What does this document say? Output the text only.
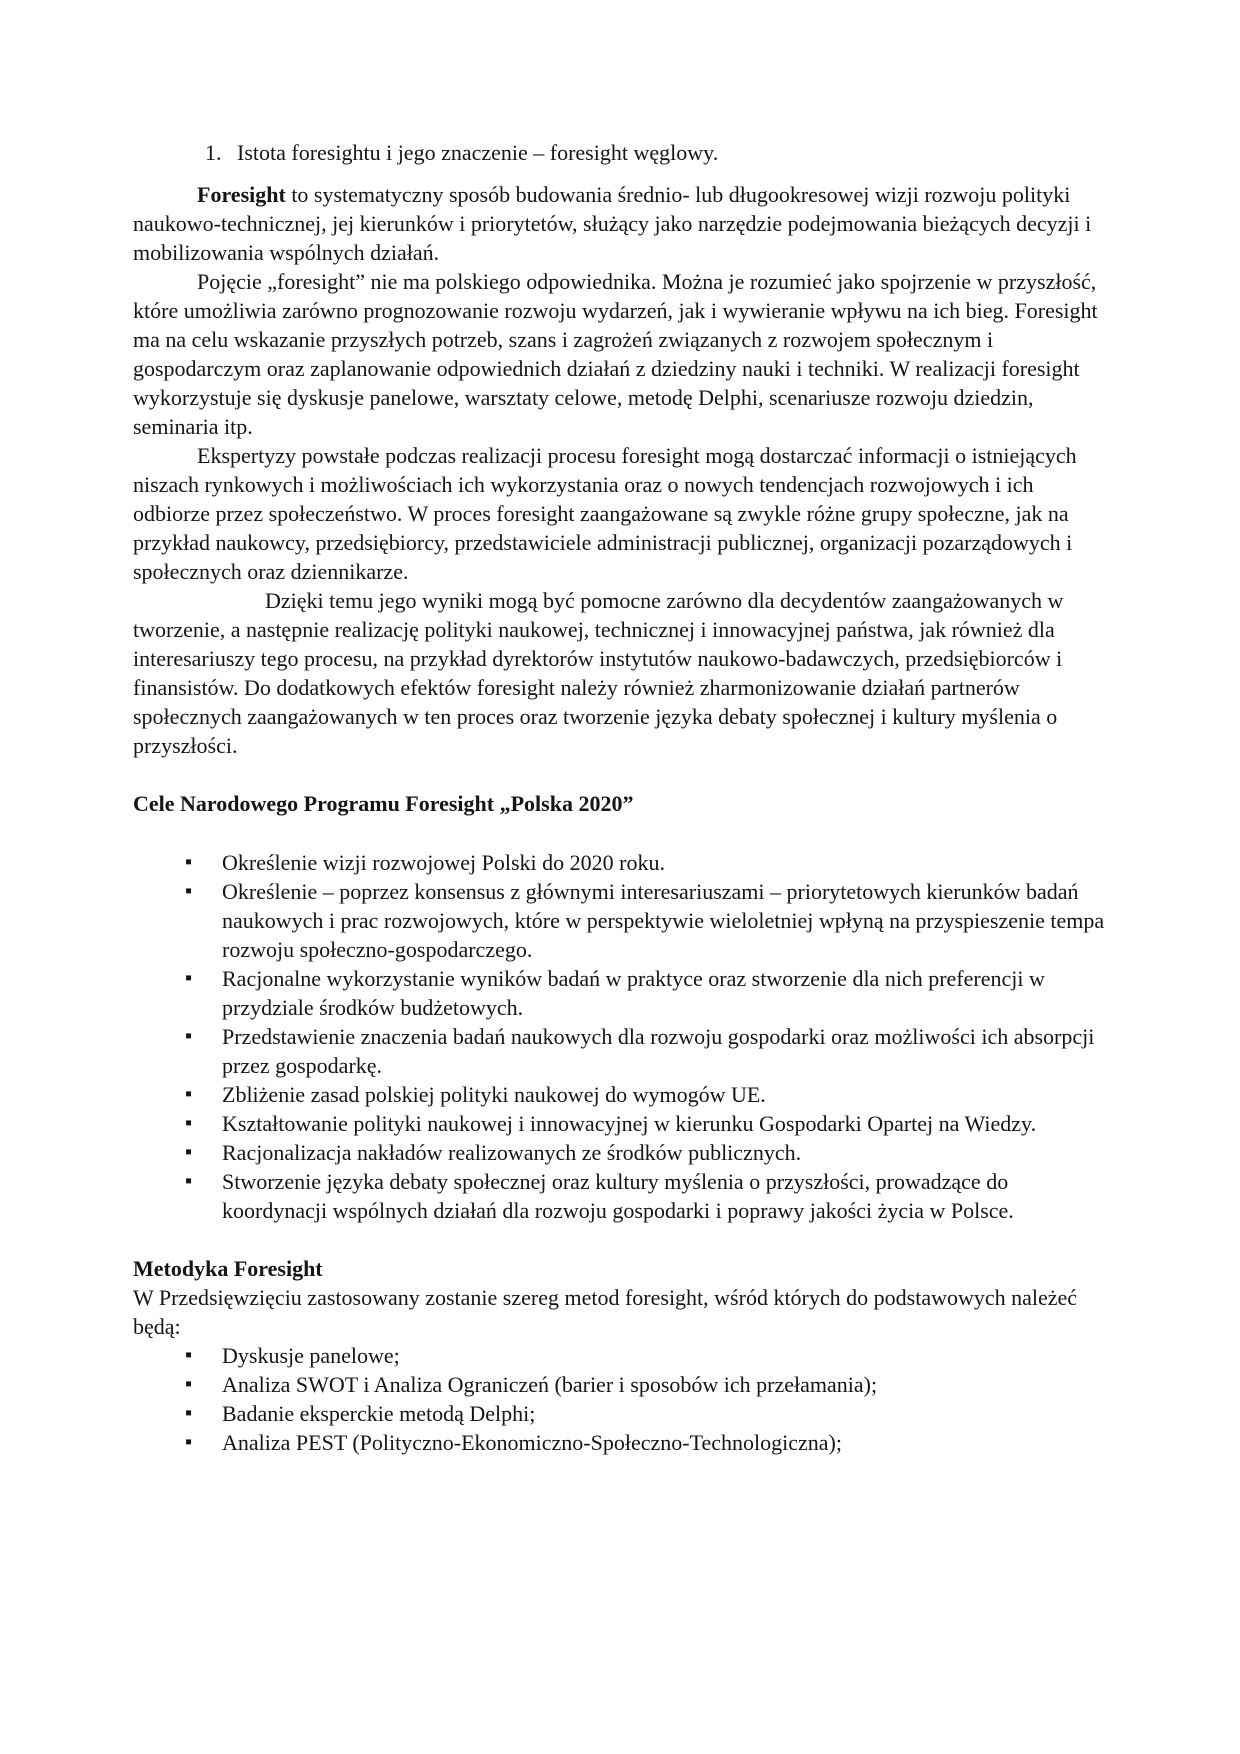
1. Istota foresightu i jego znaczenie – foresight węglowy.

Foresight to systematyczny sposób budowania średnio- lub długookresowej wizji rozwoju polityki naukowo-technicznej, jej kierunków i priorytetów, służący jako narzędzie podejmowania bieżących decyzji i mobilizowania wspólnych działań.

Pojęcie „foresight” nie ma polskiego odpowiednika. Można je rozumieć jako spojrzenie w przyszłość, które umożliwia zarówno prognozowanie rozwoju wydarzeń, jak i wywieranie wpływu na ich bieg. Foresight ma na celu wskazanie przyszłych potrzeb, szans i zagrożeń związanych z rozwojem społecznym i gospodarczym oraz zaplanowanie odpowiednich działań z dziedziny nauki i techniki. W realizacji foresight wykorzystuje się dyskusje panelowe, warsztaty celowe, metodę Delphi, scenariusze rozwoju dziedzin, seminaria itp.

Ekspertyzy powstałe podczas realizacji procesu foresight mogą dostarczać informacji o istniejących niszach rynkowych i możliwościach ich wykorzystania oraz o nowych tendencjach rozwojowych i ich odbiorze przez społeczeństwo. W proces foresight zaangażowane są zwykle różne grupy społeczne, jak na przykład naukowcy, przedsiębiorcy, przedstawiciele administracji publicznej, organizacji pozarządowych i społecznych oraz dziennikarze.

Dzięki temu jego wyniki mogą być pomocne zarówno dla decydentów zaangażowanych w tworzenie, a następnie realizację polityki naukowej, technicznej i innowacyjnej państwa, jak również dla interesariuszy tego procesu, na przykład dyrektorów instytutów naukowo-badawczych, przedsiębiorców i finansistów. Do dodatkowych efektów foresight należy również zharmonizowanie działań partnerów społecznych zaangażowanych w ten proces oraz tworzenie języka debaty społecznej i kultury myślenia o przyszłości.

Cele Narodowego Programu Foresight „Polska 2020”
▪ Określenie wizji rozwojowej Polski do 2020 roku.
▪ Określenie – poprzez konsensus z głównymi interesariuszami – priorytetowych kierunków badań naukowych i prac rozwojowych, które w perspektywie wieloletniej wpłyną na przyspieszenie tempa rozwoju społeczno-gospodarczego.
▪ Racjonalne wykorzystanie wyników badań w praktyce oraz stworzenie dla nich preferencji w przydziale środków budżetowych.
▪ Przedstawienie znaczenia badań naukowych dla rozwoju gospodarki oraz możliwości ich absorpcji przez gospodarkę.
▪ Zbliżenie zasad polskiej polityki naukowej do wymogów UE.
▪ Kształtowanie polityki naukowej i innowacyjnej w kierunku Gospodarki Opartej na Wiedzy.
▪ Racjonalizacja nakładów realizowanych ze środków publicznych.
▪ Stworzenie języka debaty społecznej oraz kultury myślenia o przyszłości, prowadzące do koordynacji wspólnych działań dla rozwoju gospodarki i poprawy jakości życia w Polsce.
Metodyka Foresight

W Przedsięwzięciu zastosowany zostanie szereg metod foresight, wśród których do podstawowych należeć będą:

▪ Dyskusje panelowe;
▪ Analiza SWOT i Analiza Ograniczeń (barier i sposobów ich przełamania);
▪ Badanie eksperckie metodą Delphi;
▪ Analiza PEST (Polityczno-Ekonomiczno-Społeczno-Technologiczna);
